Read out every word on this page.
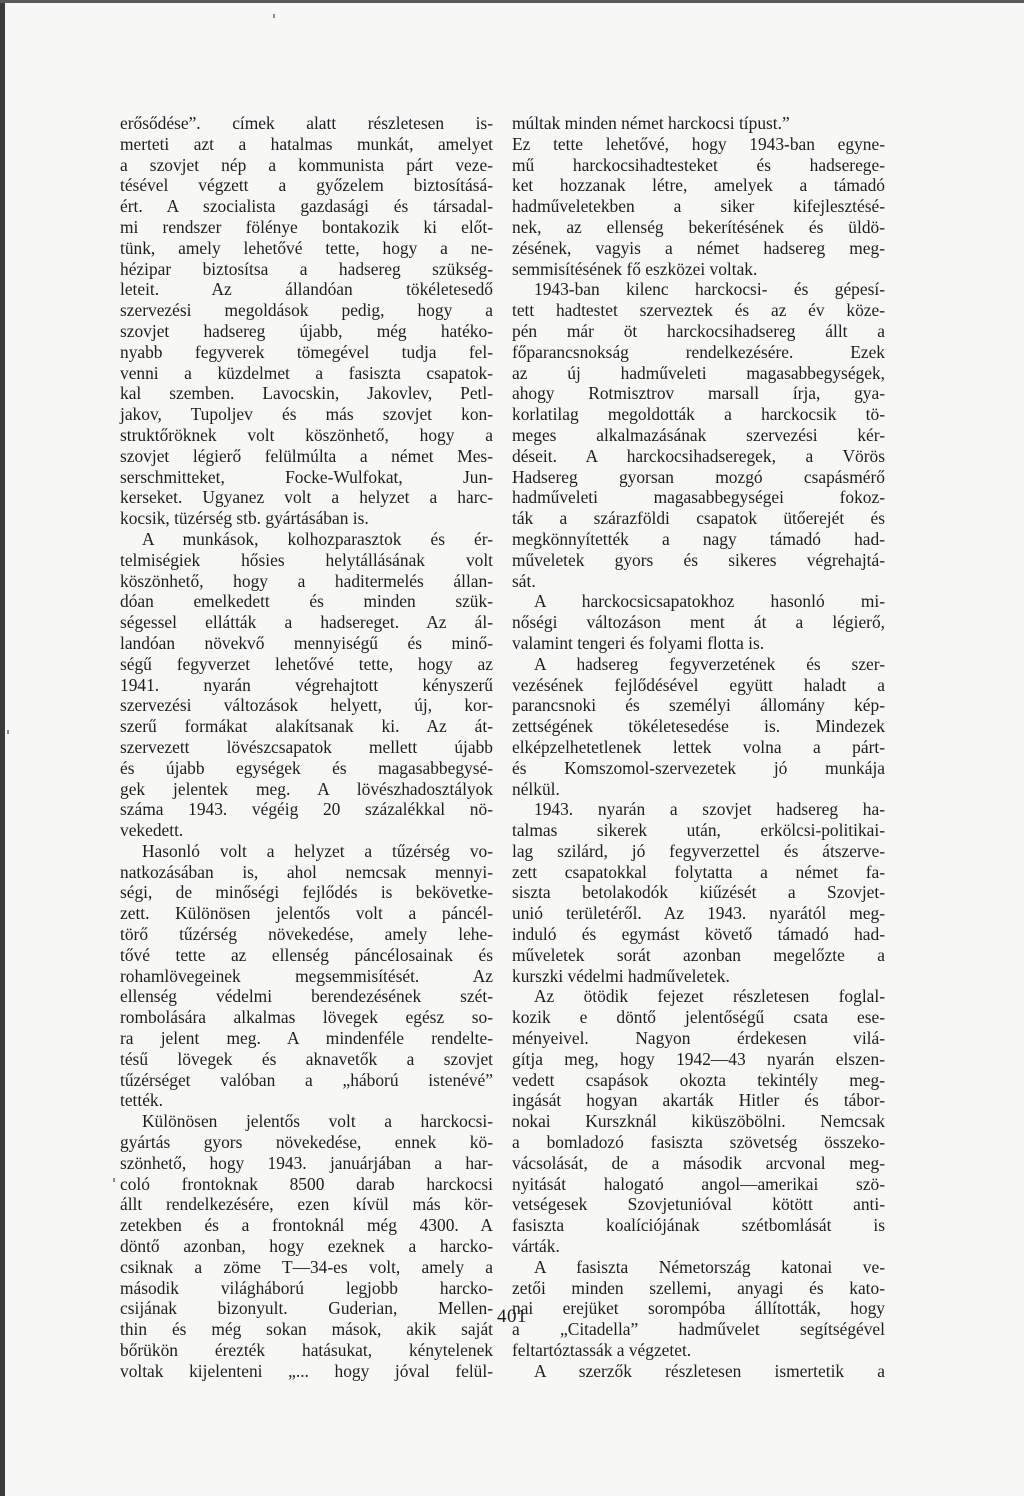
erősődése”. címek alatt részletesen is-
merteti azt a hatalmas munkát, amelyet
a szovjet nép a kommunista párt veze-
tésével végzett a győzelem biztosításá-
ért. A szocialista gazdasági és társadal-
mi rendszer fölénye bontakozik ki előt-
tünk, amely lehetővé tette, hogy a ne-
hézipar biztosítsa a hadsereg szükség-
leteit. Az állandóan tökéletesedő
szervezési megoldások pedig, hogy a
szovjet hadsereg újabb, még hatéko-
nyabb fegyverek tömegével tudja fel-
venni a küzdelmet a fasiszta csapatok-
kal szemben. Lavocskin, Jakovlev, Petl-
jakov, Tupoljev és más szovjet kon-
struktőröknek volt köszönhető, hogy a
szovjet légierő felülmúlta a német Mes-
serschmitteket, Focke-Wulfokat, Jun-
kerseket. Ugyanez volt a helyzet a harc-
kocsik, tüzérség stb. gyártásában is.
A munkások, kolhozparasztok és ér-
telmiségiek hősies helytállásának volt
köszönhető, hogy a haditermelés állan-
dóan emelkedett és minden szük-
ségessel ellátták a hadsereget. Az ál-
landóan növekvő mennyiségű és minő-
ségű fegyverzet lehetővé tette, hogy az
1941. nyarán végrehajtott kényszerű
szervezési változások helyett, új, kor-
szerű formákat alakítsanak ki. Az át-
szervezett lövészcsapatok mellett újabb
és újabb egységek és magasabbegysé-
gek jelentek meg. A lövészhadosztályok
száma 1943. végéig 20 százalékkal nö-
vekedett.
Hasonló volt a helyzet a tűzérség vo-
natkozásában is, ahol nemcsak mennyi-
ségi, de minőségi fejlődés is bekövetke-
zett. Különösen jelentős volt a páncél-
törő tűzérség növekedése, amely lehe-
tővé tette az ellenség páncélosainak és
rohamlövegeinek megsemmisítését. Az
ellenség védelmi berendezésének szét-
rombolására alkalmas lövegek egész so-
ra jelent meg. A mindenféle rendelte-
tésű lövegek és aknavetők a szovjet
tűzérséget valóban a „háború istenévé”
tették.
Különösen jelentős volt a harckocsi-
gyártás gyors növekedése, ennek kö-
szönhető, hogy 1943. januárjában a har-
coló frontoknak 8500 darab harckocsi
állt rendelkezésére, ezen kívül más kör-
zetekben és a frontoknál még 4300. A
döntő azonban, hogy ezeknek a harcko-
csiknak a zöme T—34-es volt, amely a
második világháború legjobb harcko-
csijának bizonyult. Guderian, Mellen-
thin és még sokan mások, akik saját
bőrükön érezték hatásukat, kénytelenek
voltak kijelenteni „... hogy jóval felül-
múltak minden német harckocsi típust.”
Ez tette lehetővé, hogy 1943-ban egyne-
mű harckocsihadtesteket és hadserege-
ket hozzanak létre, amelyek a támadó
hadműveletekben a siker kifejlesztésé-
nek, az ellenség bekerítésének és üldö-
zésének, vagyis a német hadsereg meg-
semmisítésének fő eszközei voltak.
1943-ban kilenc harckocsi- és gépesí-
tett hadtestet szerveztek és az év köze-
pén már öt harckocsihadsereg állt a
főparancsnokság rendelkezésére. Ezek
az új hadműveleti magasabbegységek,
ahogy Rotmisztrov marsall írja, gya-
korlatilag megoldották a harckocsik tö-
meges alkalmazásának szervezési kér-
déseit. A harckocsihadseregek, a Vörös
Hadsereg gyorsan mozgó csapásmérő
hadműveleti magasabbegységei fokoz-
ták a szárazföldi csapatok ütőerejét és
megkönnyítették a nagy támadó had-
műveletek gyors és sikeres végrehajtá-
sát.
A harckocsicsapatokhoz hasonló mi-
nőségi változáson ment át a légierő,
valamint tengeri és folyami flotta is.
A hadsereg fegyverzetének és szer-
vezésének fejlődésével együtt haladt a
parancsnoki és személyi állomány kép-
zettségének tökéletesedése is. Mindezek
elképzelhetetlenek lettek volna a párt-
és Komszomol-szervezetek jó munkája
nélkül.
1943. nyarán a szovjet hadsereg ha-
talmas sikerek után, erkölcsi-politikai-
lag szilárd, jó fegyverzettel és átszerve-
zett csapatokkal folytatta a német fa-
siszta betolakodók kiűzését a Szovjet-
unió területéről. Az 1943. nyarától meg-
induló és egymást követő támadó had-
műveletek sorát azonban megelőzte a
kurszki védelmi hadműveletek.
Az ötödik fejezet részletesen foglal-
kozik e döntő jelentőségű csata ese-
ményeivel. Nagyon érdekesen vilá-
gítja meg, hogy 1942—43 nyarán elszen-
vedett csapások okozta tekintély meg-
ingását hogyan akarták Hitler és tábor-
nokai Kurszknál kiküszöbölni. Nemcsak
a bomladozó fasiszta szövetség összeko-
vácsolását, de a második arcvonal meg-
nyitását halogató angol—amerikai szö-
vetségesek Szovjetunióval kötött anti-
fasiszta koalíciójának szétbomlását is
várták.
A fasiszta Németország katonai ve-
zetői minden szellemi, anyagi és kato-
nai erejüket sorompóba állították, hogy
a „Citadella” hadművelet segítségével
feltartóztassák a végzetet.
A szerzők részletesen ismertetik a
401
